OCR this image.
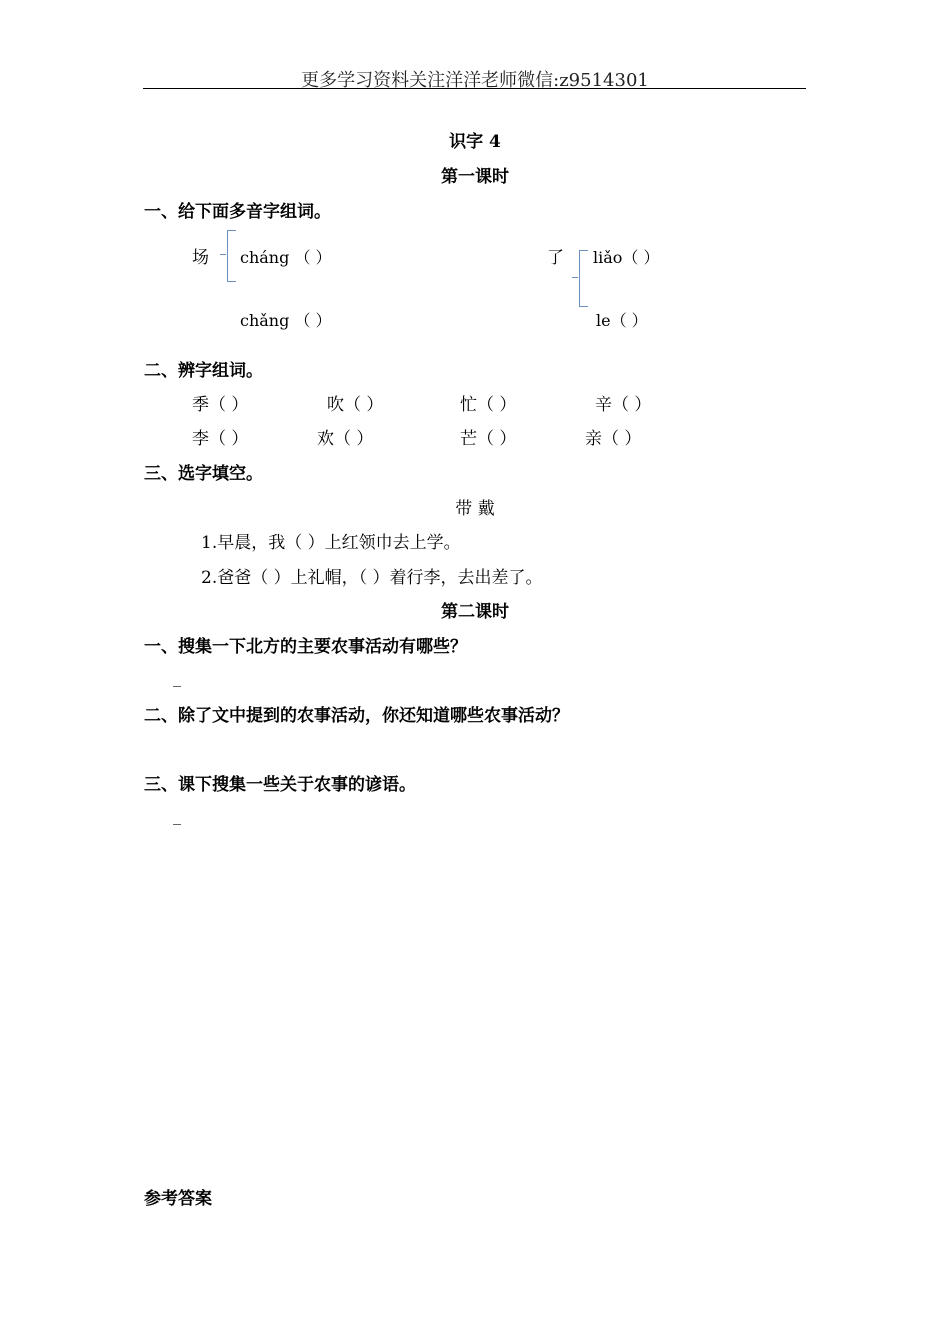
更多学习资料关注洋洋老师微信:z9514301
识字 4
第一课时
一、给下面多音字组词。
场 cháng （ ）
chǎng （ ）
了 liǎo（ ）
le（ ）
二、辨字组词。
季（ ）	吹（ ）	忙（ ）	辛（ ）
李（ ）	欢（ ）	芒（ ）	亲（ ）
三、选字填空。
带 戴
1.早晨，我（ ）上红领巾去上学。
2.爸爸（ ）上礼帽，（ ）着行李，去出差了。
第二课时
一、搜集一下北方的主要农事活动有哪些？
_
二、除了文中提到的农事活动，你还知道哪些农事活动？
三、课下搜集一些关于农事的谚语。
_
参考答案
